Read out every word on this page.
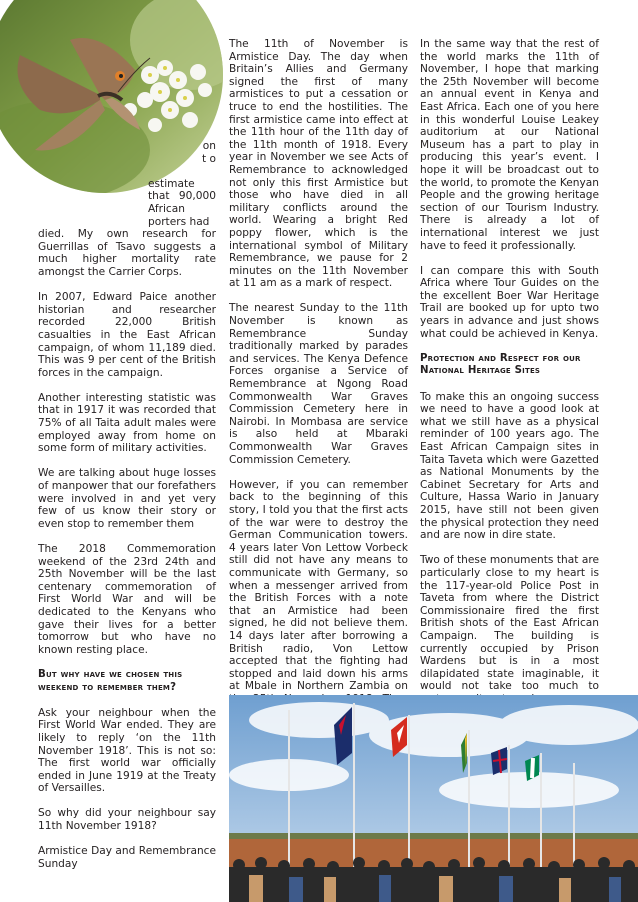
on
t o
estimate that 90,000 African porters had

died. My own research for Guerrillas of Tsavo suggests a much higher mortality rate amongst the Carrier Corps.

In 2007, Edward Paice another historian and researcher recorded 22,000 British casualties in the East African campaign, of whom 11,189 died. This was 9 per cent of the British forces in the campaign.

Another interesting statistic was that in 1917 it was recorded that 75% of all Taita adult males were employed away from home on some form of military activities.

We are talking about huge losses of manpower that our forefathers were involved in and yet very few of us know their story or even stop to remember them

The 2018 Commemoration weekend of the 23rd 24th and 25th November will be the last centenary commemoration of First World War and will be dedicated to the Kenyans who gave their lives for a better tomorrow but who have no known resting place.

But why have we chosen this weekend to remember them?

Ask your neighbour when the First World War ended. They are likely to reply ‘on the 11th November 1918’. This is not so: The first world war officially ended in June 1919 at the Treaty of Versailles.

So why did your neighbour say 11th November 1918?

Armistice Day and Remembrance Sunday

The 11th of November is Armistice Day. The day when Britain’s Allies and Germany signed the first of many armistices to put a cessation or truce to end the hostilities. The first armistice came into effect at the 11th hour of the 11th day of the 11th month of 1918. Every year in November we see Acts of Remembrance to acknowledged not only this first Armistice but those who have died in all military conflicts around the world. Wearing a bright Red poppy flower, which is the international symbol of Military Remembrance, we pause for 2 minutes on the 11th November at 11 am as a mark of respect.

The nearest Sunday to the 11th November is known as Remembrance Sunday traditionally marked by parades and services. The Kenya Defence Forces organise a Service of Remembrance at Ngong Road Commonwealth War Graves Commission Cemetery here in Nairobi. In Mombasa are service is also held at Mbaraki Commonwealth War Graves Commission Cemetery.

However, if you can remember back to the beginning of this story, I told you that the first acts of the war were to destroy the German Communication towers. 4 years later Von Lettow Vorbeck still did not have any means to communicate with Germany, so when a messenger arrived from the British Forces with a note that an Armistice had been signed, he did not believe them. 14 days later after borrowing a British radio, Von Lettow accepted that the fighting had stopped and laid down his arms at Mbale in Northern Zambia on

In the same way that the rest of the world marks the 11th of November, I hope that marking the 25th November will become an annual event in Kenya and East Africa. Each one of you here in this wonderful Louise Leakey auditorium at our National Museum has a part to play in producing this year’s event. I hope it will be broadcast out to the world, to promote the Kenyan People and the growing heritage section of our Tourism Industry. There is already a lot of international interest we just have to feed it professionally.

I can compare this with South Africa where Tour Guides on the the excellent Boer War Heritage Trail are booked up for upto two years in advance and just shows what could be achieved in Kenya.

Protection and Respect for our National Heritage Sites

To make this an ongoing success we need to have a good look at what we still have as a physical reminder of 100 years ago. The East African Campaign sites in Taita Taveta which were Gazetted as National Monuments by the Cabinet Secretary for Arts and Culture, Hassa Wario in January 2015, have still not been given the physical protection they need and are now in dire state.

Two of these monuments that are particularly close to my heart is the 117-year-old Police Post in Taveta from where the District Commissionaire fired the first British shots of the East African Campaign. The building is currently occupied by Prison Wardens but is in a most dilapidated state imaginable, it would not take too much to
